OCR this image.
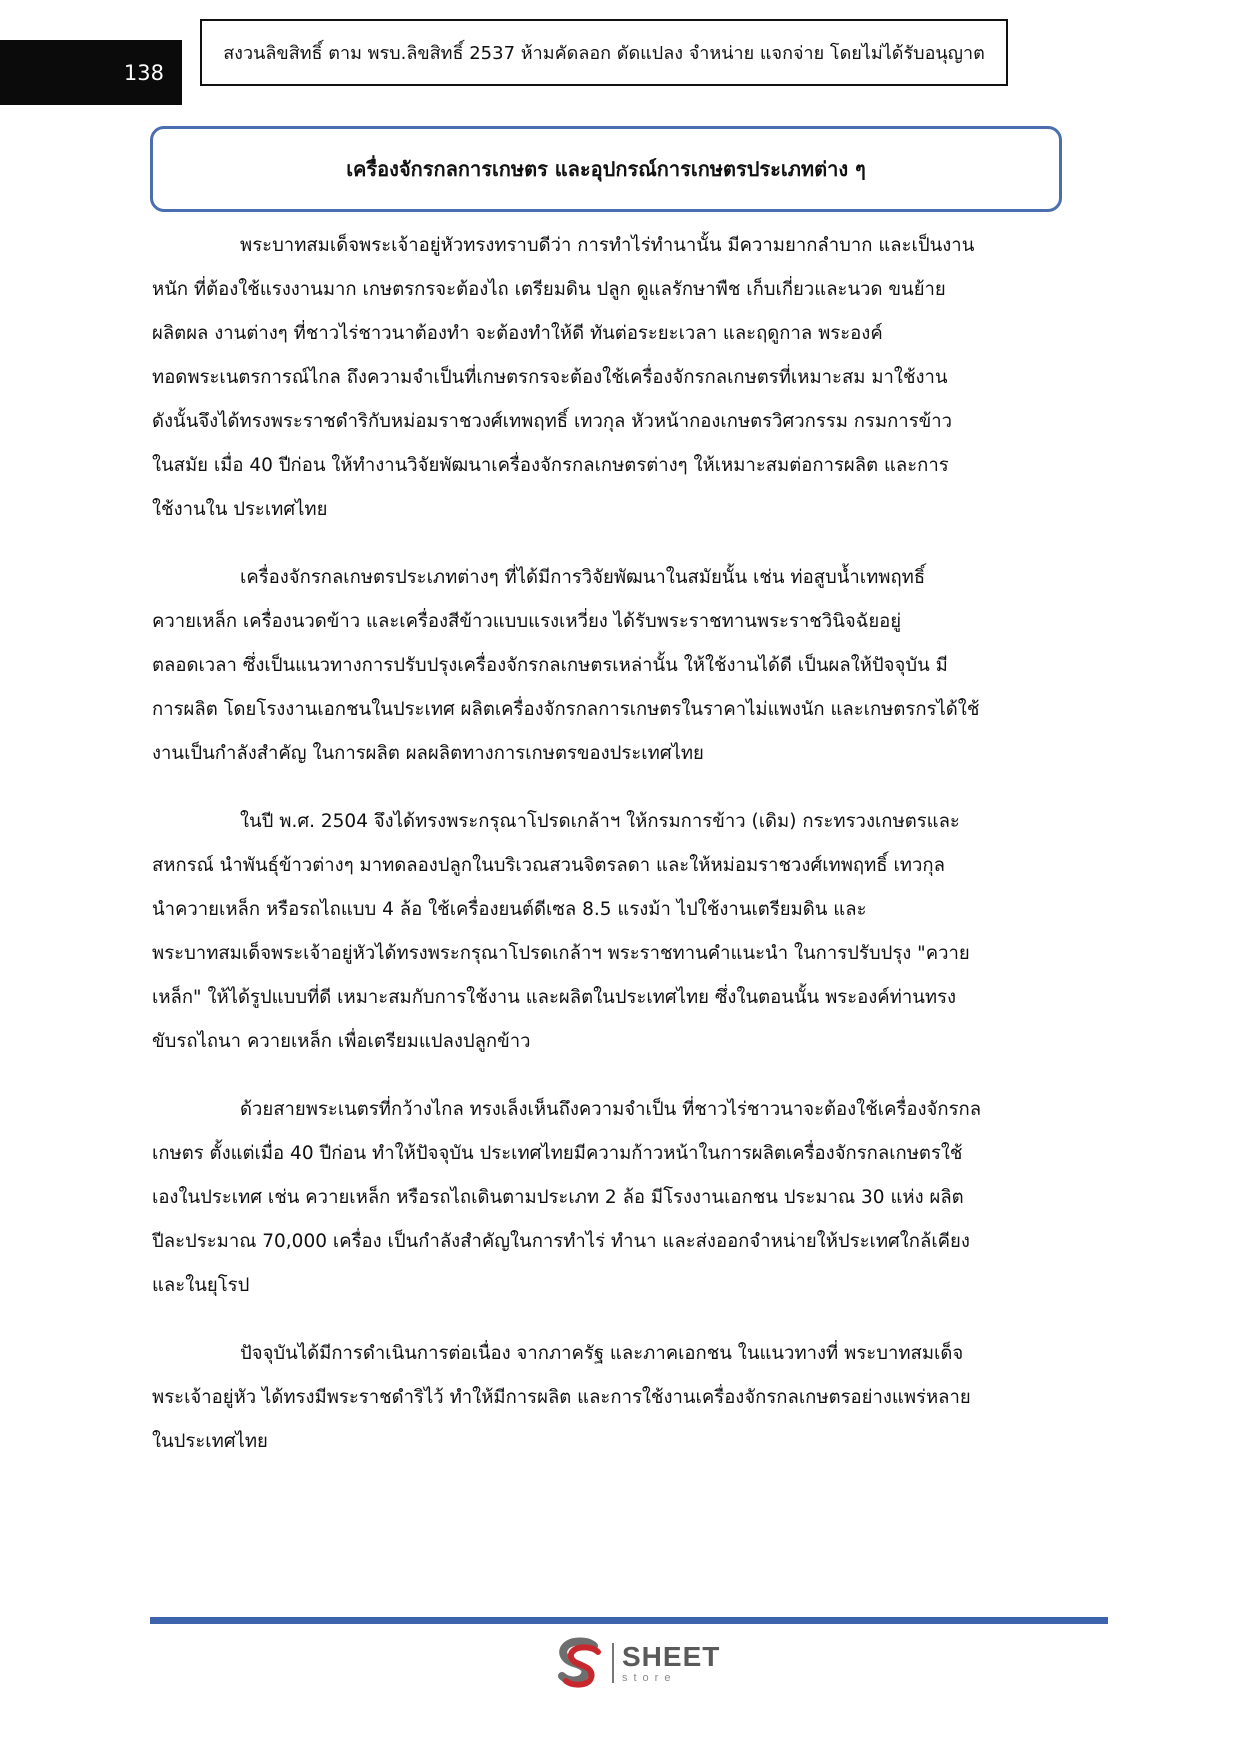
138
สงวนลิขสิทธิ์ ตาม พรบ.ลิขสิทธิ์ 2537 ห้ามคัดลอก ดัดแปลง จำหน่าย แจกจ่าย โดยไม่ได้รับอนุญาต
เครื่องจักรกลการเกษตร และอุปกรณ์การเกษตรประเภทต่าง ๆ
พระบาทสมเด็จพระเจ้าอยู่หัวทรงทราบดีว่า การทำไร่ทำนานั้น มีความยากลำบาก และเป็นงาน
หนัก ที่ต้องใช้แรงงานมาก เกษตรกรจะต้องไถ เตรียมดิน ปลูก ดูแลรักษาพืช เก็บเกี่ยวและนวด ขนย้าย
ผลิตผล งานต่างๆ ที่ชาวไร่ชาวนาต้องทำ จะต้องทำให้ดี ทันต่อระยะเวลา และฤดูกาล พระองค์
ทอดพระเนตรการณ์ไกล ถึงความจำเป็นที่เกษตรกรจะต้องใช้เครื่องจักรกลเกษตรที่เหมาะสม มาใช้งาน
ดังนั้นจึงได้ทรงพระราชดำริกับหม่อมราชวงศ์เทพฤทธิ์ เทวกุล หัวหน้ากองเกษตรวิศวกรรม กรมการข้าว
ในสมัย เมื่อ 40 ปีก่อน ให้ทำงานวิจัยพัฒนาเครื่องจักรกลเกษตรต่างๆ ให้เหมาะสมต่อการผลิต และการ
ใช้งานใน ประเทศไทย
เครื่องจักรกลเกษตรประเภทต่างๆ ที่ได้มีการวิจัยพัฒนาในสมัยนั้น เช่น ท่อสูบน้ำเทพฤทธิ์
ควายเหล็ก เครื่องนวดข้าว และเครื่องสีข้าวแบบแรงเหวี่ยง ได้รับพระราชทานพระราชวินิจฉัยอยู่
ตลอดเวลา ซึ่งเป็นแนวทางการปรับปรุงเครื่องจักรกลเกษตรเหล่านั้น ให้ใช้งานได้ดี เป็นผลให้ปัจจุบัน มี
การผลิต โดยโรงงานเอกชนในประเทศ ผลิตเครื่องจักรกลการเกษตรในราคาไม่แพงนัก และเกษตรกรได้ใช้
งานเป็นกำลังสำคัญ ในการผลิต ผลผลิตทางการเกษตรของประเทศไทย
ในปี พ.ศ. 2504 จึงได้ทรงพระกรุณาโปรดเกล้าฯ ให้กรมการข้าว (เดิม) กระทรวงเกษตรและ
สหกรณ์ นำพันธุ์ข้าวต่างๆ มาทดลองปลูกในบริเวณสวนจิตรลดา และให้หม่อมราชวงศ์เทพฤทธิ์ เทวกุล
นำควายเหล็ก หรือรถไถแบบ 4 ล้อ ใช้เครื่องยนต์ดีเซล 8.5 แรงม้า ไปใช้งานเตรียมดิน และ
พระบาทสมเด็จพระเจ้าอยู่หัวได้ทรงพระกรุณาโปรดเกล้าฯ พระราชทานคำแนะนำ ในการปรับปรุง "ควาย
เหล็ก" ให้ได้รูปแบบที่ดี เหมาะสมกับการใช้งาน และผลิตในประเทศไทย ซึ่งในตอนนั้น พระองค์ท่านทรง
ขับรถไถนา ควายเหล็ก เพื่อเตรียมแปลงปลูกข้าว
ด้วยสายพระเนตรที่กว้างไกล ทรงเล็งเห็นถึงความจำเป็น ที่ชาวไร่ชาวนาจะต้องใช้เครื่องจักรกล
เกษตร ตั้งแต่เมื่อ 40 ปีก่อน ทำให้ปัจจุบัน ประเทศไทยมีความก้าวหน้าในการผลิตเครื่องจักรกลเกษตรใช้
เองในประเทศ เช่น ควายเหล็ก หรือรถไถเดินตามประเภท 2 ล้อ มีโรงงานเอกชน ประมาณ 30 แห่ง ผลิต
ปีละประมาณ 70,000 เครื่อง เป็นกำลังสำคัญในการทำไร่ ทำนา และส่งออกจำหน่ายให้ประเทศใกล้เคียง
และในยุโรป
ปัจจุบันได้มีการดำเนินการต่อเนื่อง จากภาครัฐ และภาคเอกชน ในแนวทางที่ พระบาทสมเด็จ
พระเจ้าอยู่หัว ได้ทรงมีพระราชดำริไว้ ทำให้มีการผลิต และการใช้งานเครื่องจักรกลเกษตรอย่างแพร่หลาย
ในประเทศไทย
SHEET
store
